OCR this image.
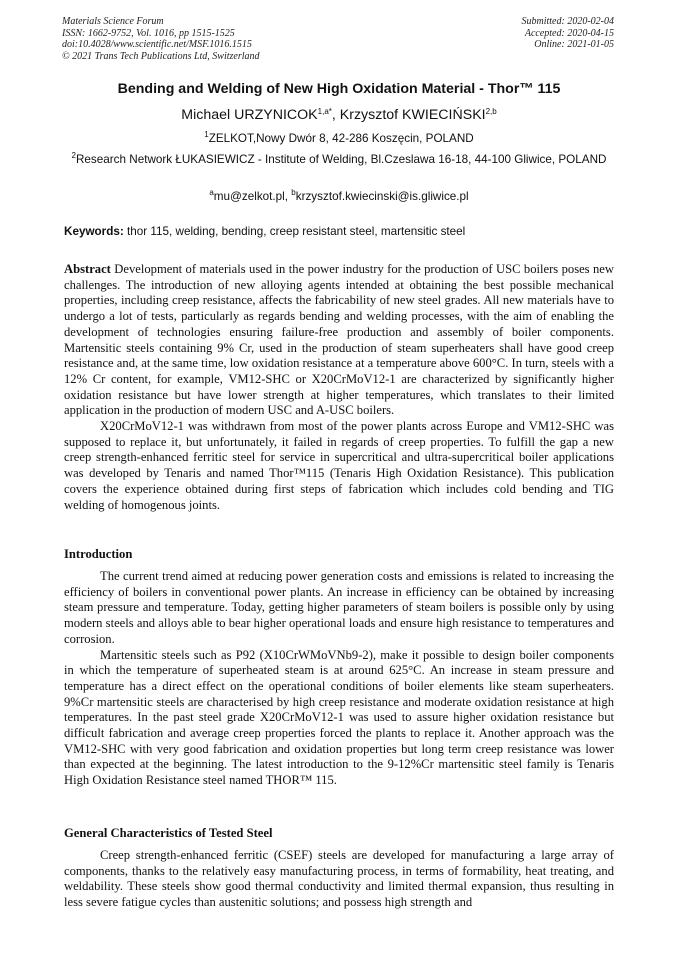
Materials Science Forum
ISSN: 1662-9752, Vol. 1016, pp 1515-1525
doi:10.4028/www.scientific.net/MSF.1016.1515
© 2021 Trans Tech Publications Ltd, Switzerland
Submitted: 2020-02-04
Accepted: 2020-04-15
Online: 2021-01-05
Bending and Welding of New High Oxidation Material - Thor™ 115
Michael $URZYNICOK^{1,a*}$, Krzysztof KWIECIŃSKI$^{2,b}$
$^1$ZELKOT,Nowy Dwór 8, 42-286 Koszęcin, POLAND
$^2$Research Network ŁUKASIEWICZ - Institute of Welding, Bl.Czeslawa 16-18, 44-100 Gliwice, POLAND
$^a$mu@zelkot.pl, $^b$krzysztof.kwiecinski@is.gliwice.pl
Keywords: thor 115, welding, bending, creep resistant steel, martensitic steel

Abstract Development of materials used in the power industry for the production of USC boilers poses new challenges. The introduction of new alloying agents intended at obtaining the best possible mechanical properties, including creep resistance, affects the fabricability of new steel grades. All new materials have to undergo a lot of tests, particularly as regards bending and welding processes, with the aim of enabling the development of technologies ensuring failure-free production and assembly of boiler components. Martensitic steels containing 9% Cr, used in the production of steam superheaters shall have good creep resistance and, at the same time, low oxidation resistance at a temperature above 600°C. In turn, steels with a 12% Cr content, for example, VM12-SHC or X20CrMoV12-1 are characterized by significantly higher oxidation resistance but have lower strength at higher temperatures, which translates to their limited application in the production of modern USC and A-USC boilers.

X20CrMoV12-1 was withdrawn from most of the power plants across Europe and VM12-SHC was supposed to replace it, but unfortunately, it failed in regards of creep properties. To fulfill the gap a new creep strength-enhanced ferritic steel for service in supercritical and ultra-supercritical boiler applications was developed by Tenaris and named Thor™115 (Tenaris High Oxidation Resistance). This publication covers the experience obtained during first steps of fabrication which includes cold bending and TIG welding of homogenous joints.

Introduction

The current trend aimed at reducing power generation costs and emissions is related to increasing the efficiency of boilers in conventional power plants. An increase in efficiency can be obtained by increasing steam pressure and temperature. Today, getting higher parameters of steam boilers is possible only by using modern steels and alloys able to bear higher operational loads and ensure high resistance to temperatures and corrosion.

Martensitic steels such as P92 (X10CrWMoVNb9-2), make it possible to design boiler components in which the temperature of superheated steam is at around 625°C. An increase in steam pressure and temperature has a direct effect on the operational conditions of boiler elements like steam superheaters. 9%Cr martensitic steels are characterised by high creep resistance and moderate oxidation resistance at high temperatures. In the past steel grade X20CrMoV12-1 was used to assure higher oxidation resistance but difficult fabrication and average creep properties forced the plants to replace it. Another approach was the VM12-SHC with very good fabrication and oxidation properties but long term creep resistance was lower than expected at the beginning. The latest introduction to the 9-12%Cr martensitic steel family is Tenaris High Oxidation Resistance steel named THOR™ 115.

General Characteristics of Tested Steel

Creep strength-enhanced ferritic (CSEF) steels are developed for manufacturing a large array of components, thanks to the relatively easy manufacturing process, in terms of formability, heat treating, and weldability. These steels show good thermal conductivity and limited thermal expansion, thus resulting in less severe fatigue cycles than austenitic solutions; and possess high strength and
